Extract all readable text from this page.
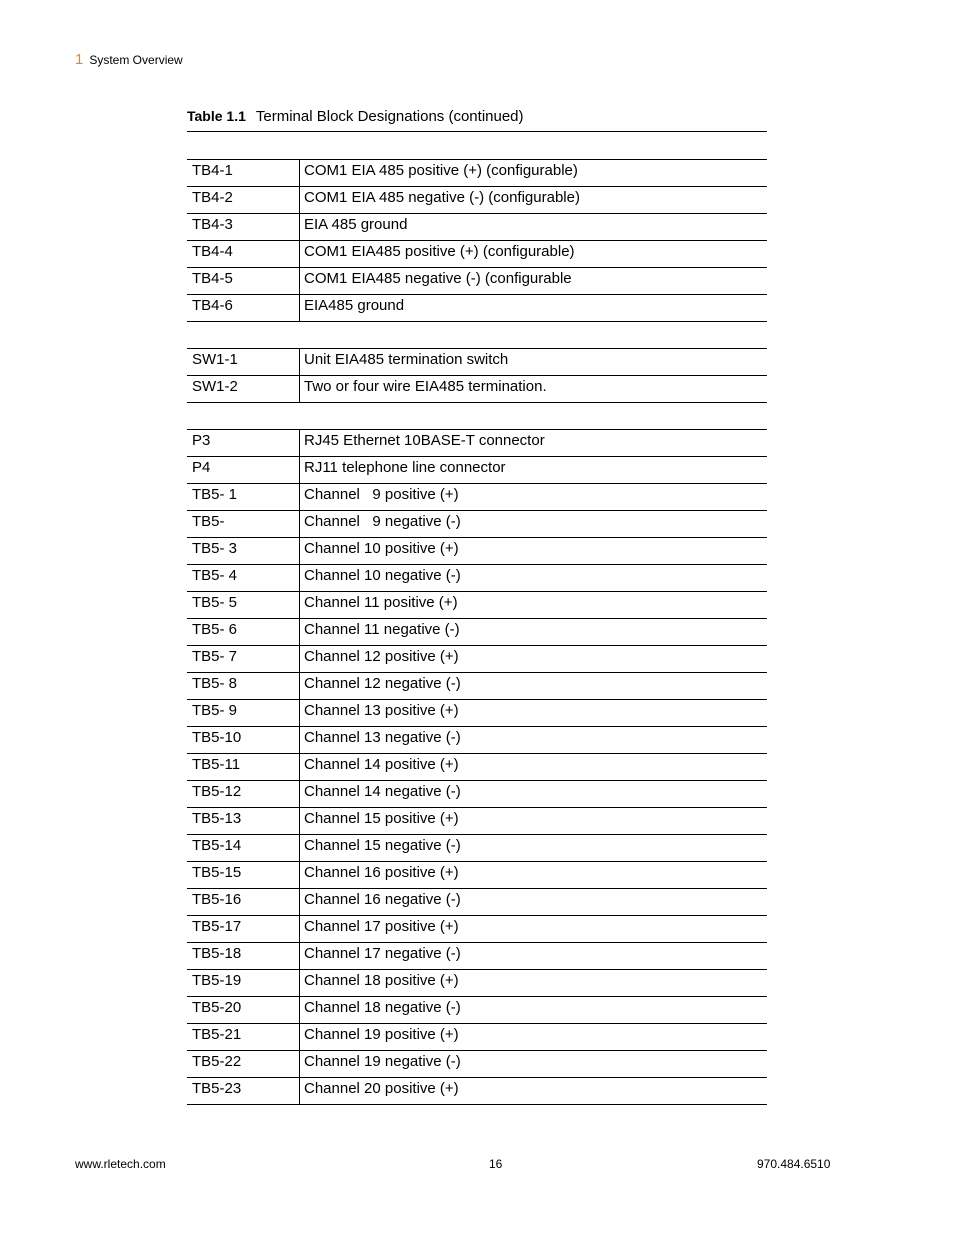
1 System Overview
Table 1.1 Terminal Block Designations (continued)
TB4-1	COM1 EIA 485 positive (+) (configurable)
TB4-2	COM1 EIA 485 negative (-) (configurable)
TB4-3	EIA 485 ground
TB4-4	COM1 EIA485 positive (+) (configurable)
TB4-5	COM1 EIA485 negative (-) (configurable
TB4-6	EIA485 ground
SW1-1	Unit EIA485 termination switch
SW1-2	Two or four wire EIA485 termination.
P3	RJ45 Ethernet 10BASE-T connector
P4	RJ11 telephone line connector
TB5- 1	Channel   9 positive (+)
TB5-	Channel   9 negative (-)
TB5- 3	Channel 10 positive (+)
TB5- 4	Channel 10 negative (-)
TB5- 5	Channel 11 positive (+)
TB5- 6	Channel 11 negative (-)
TB5- 7	Channel 12 positive (+)
TB5- 8	Channel 12 negative (-)
TB5- 9	Channel 13 positive (+)
TB5-10	Channel 13 negative (-)
TB5-11	Channel 14 positive (+)
TB5-12	Channel 14 negative (-)
TB5-13	Channel 15 positive (+)
TB5-14	Channel 15 negative (-)
TB5-15	Channel 16 positive (+)
TB5-16	Channel 16 negative (-)
TB5-17	Channel 17 positive (+)
TB5-18	Channel 17 negative (-)
TB5-19	Channel 18 positive (+)
TB5-20	Channel 18 negative (-)
TB5-21	Channel 19 positive (+)
TB5-22	Channel 19 negative (-)
TB5-23	Channel 20 positive (+)
www.rletech.com	16	970.484.6510
